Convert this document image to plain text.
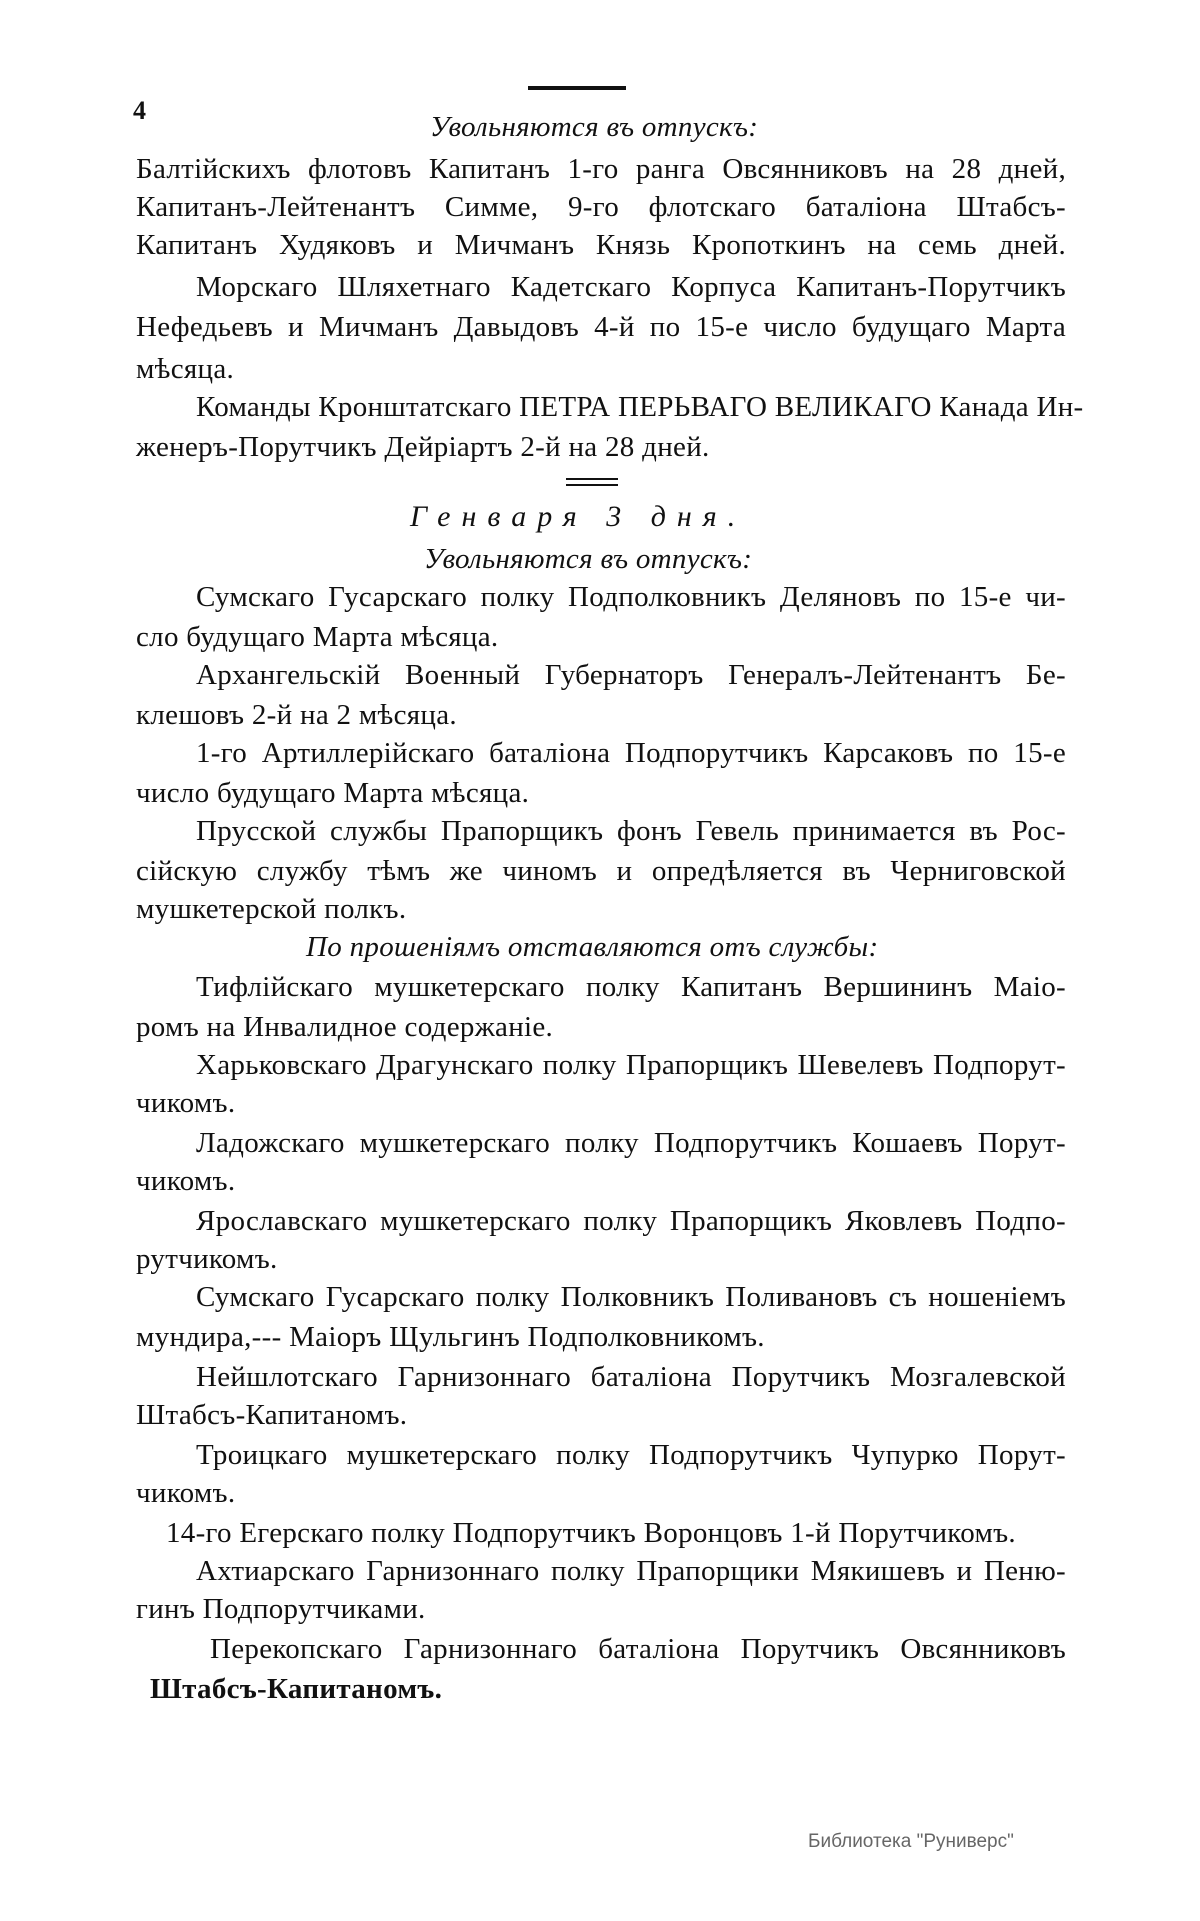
4
Увольняются въ отпускъ:
Балтійскихъ флотовъ Капитанъ 1-го ранга Овсянниковъ на 28 дней,
Капитанъ-Лейтенантъ Симме, 9-го флотскаго баталіона Штабсъ-
Капитанъ Худяковъ и Мичманъ Князь Кропоткинъ на семь дней.
Морскаго Шляхетнаго Кадетскаго Корпуса Капитанъ-Порутчикъ
Нефедьевъ и Мичманъ Давыдовъ 4-й по 15-е число будущаго Марта
мѣсяца.
Команды Кронштатскаго ПЕТРА ПЕРЬВАГО ВЕЛИКАГО Канада Ин-
женеръ-Порутчикъ Дейріартъ 2-й на 28 дней.
Генваря 3 дня.
Увольняются въ отпускъ:
Сумскаго Гусарскаго полку Подполковникъ Деляновъ по 15-е чи-
сло будущаго Марта мѣсяца.
Архангельскій Военный Губернаторъ Генералъ-Лейтенантъ Бе-
клешовъ 2-й на 2 мѣсяца.
1-го Артиллерійскаго баталіона Подпорутчикъ Карсаковъ по 15-е
число будущаго Марта мѣсяца.
Прусской службы Прапорщикъ фонъ Гевель принимается въ Рос-
сійскую службу тѣмъ же чиномъ и опредѣляется въ Черниговской
мушкетерской полкъ.
По прошеніямъ отставляются отъ службы:
Тифлійскаго мушкетерскаго полку Капитанъ Вершининъ Маіо-
ромъ на Инвалидное содержаніе.
Харьковскаго Драгунскаго полку Прапорщикъ Шевелевъ Подпорут-
чикомъ.
Ладожскаго мушкетерскаго полку Подпорутчикъ Кошаевъ Порут-
чикомъ.
Ярославскаго мушкетерскаго полку Прапорщикъ Яковлевъ Подпо-
рутчикомъ.
Сумскаго Гусарскаго полку Полковникъ Поливановъ съ ношеніемъ
мундира,--- Маіоръ Щульгинъ Подполковникомъ.
Нейшлотскаго Гарнизоннаго баталіона Порутчикъ Мозгалевской
Штабсъ-Капитаномъ.
Троицкаго мушкетерскаго полку Подпорутчикъ Чупурко Порут-
чикомъ.
14-го Егерскаго полку Подпорутчикъ Воронцовъ 1-й Порутчикомъ.
Ахтиарскаго Гарнизоннаго полку Прапорщики Мякишевъ и Пеню-
гинъ Подпорутчиками.
Перекопскаго Гарнизоннаго баталіона Порутчикъ Овсянниковъ
Штабсъ-Капитаномъ.
Библиотека "Руниверс"
